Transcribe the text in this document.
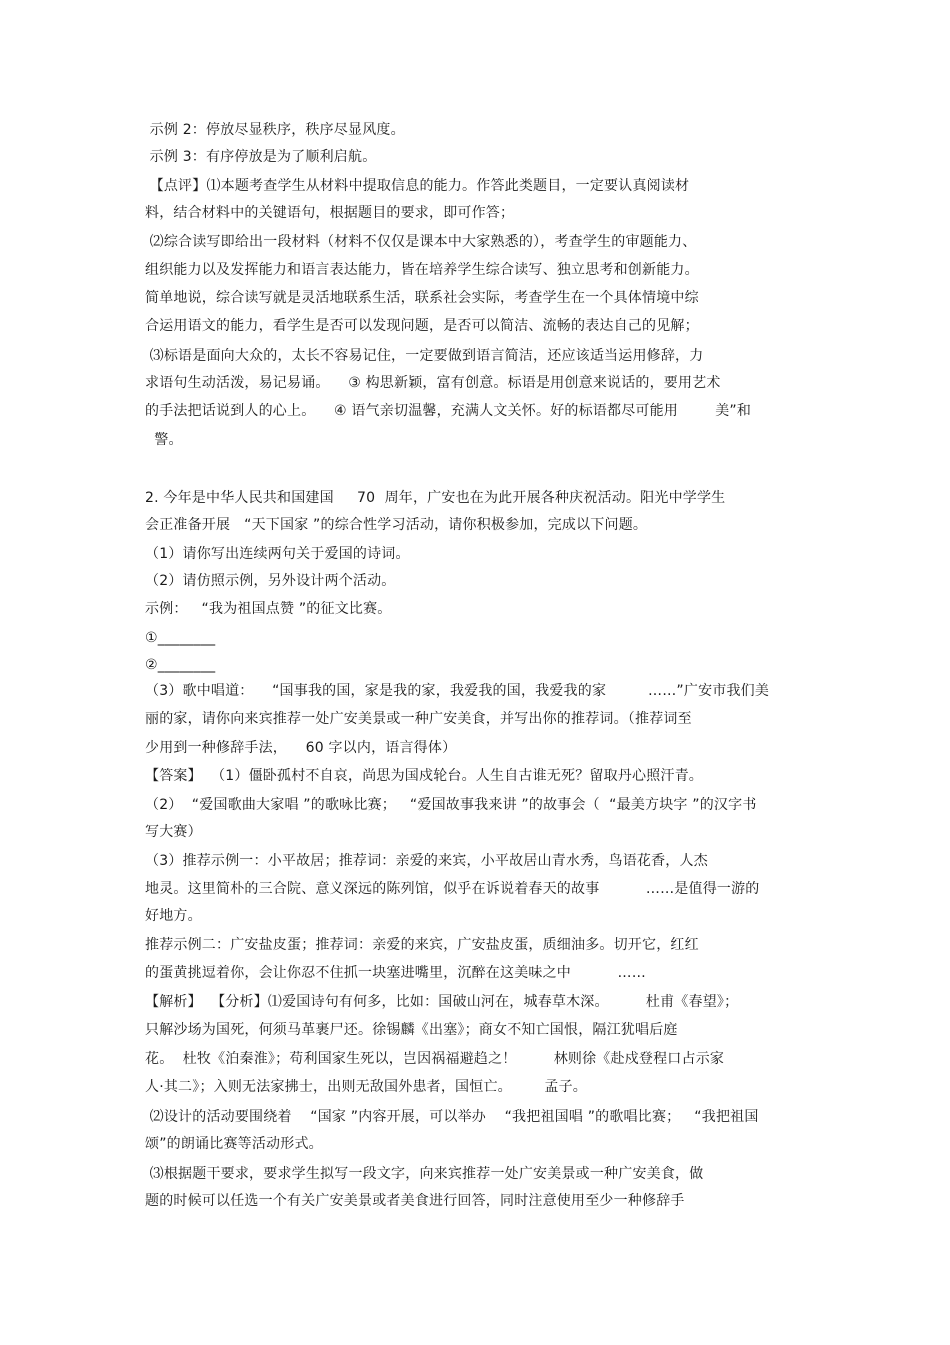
示例 2：停放尽显秩序，秩序尽显风度。
示例 3：有序停放是为了顺利启航。
【点评】⑴本题考查学生从材料中提取信息的能力。作答此类题目，一定要认真阅读材
料，结合材料中的关键语句，根据题目的要求，即可作答；
⑵综合读写即给出一段材料（材料不仅仅是课本中大家熟悉的），考查学生的审题能力、
组织能力以及发挥能力和语言表达能力，皆在培养学生综合读写、独立思考和创新能力。
简单地说，综合读写就是灵活地联系生活，联系社会实际，考查学生在一个具体情境中综
合运用语文的能力，看学生是否可以发现问题，是否可以简洁、流畅的表达自己的见解；
⑶标语是面向大众的，太长不容易记住，一定要做到语言简洁，还应该适当运用修辞，力
求语句生动活泼，易记易诵。    ③ 构思新颖，富有创意。标语是用创意来说话的，要用艺术
的手法把话说到人的心上。    ④ 语气亲切温馨，充满人文关怀。好的标语都尽可能用        美”和
警。
2. 今年是中华人民共和国建国     70  周年，广安也在为此开展各种庆祝活动。阳光中学学生
会正准备开展   “天下国家 ”的综合性学习活动，请你积极参加，完成以下问题。
（1）请你写出连续两句关于爱国的诗词。
（2）请仿照示例，另外设计两个活动。
示例：   “我为祖国点赞 ”的征文比赛。
①________
②________
（3）歌中唱道：    “国事我的国，家是我的家，我爱我的国，我爱我的家         ……”广安市我们美
丽的家，请你向来宾推荐一处广安美景或一种广安美食，并写出你的推荐词。（推荐词至
少用到一种修辞手法，    60 字以内，语言得体）
【答案】  （1）僵卧孤村不自哀，尚思为国戍轮台。人生自古谁无死？留取丹心照汗青。
（2）  “爱国歌曲大家唱 ”的歌咏比赛；   “爱国故事我来讲 ”的故事会（  “最美方块字 ”的汉字书
写大赛）
（3）推荐示例一：小平故居；推荐词：亲爱的来宾，小平故居山青水秀，鸟语花香，人杰
地灵。这里简朴的三合院、意义深远的陈列馆，似乎在诉说着春天的故事          ……是值得一游的
好地方。
推荐示例二：广安盐皮蛋；推荐词：亲爱的来宾，广安盐皮蛋，质细油多。切开它，红红
的蛋黄挑逗着你，会让你忍不住抓一块塞进嘴里，沉醉在这美味之中          ……
【解析】  【分析】⑴爱国诗句有何多，比如：国破山河在，城春草木深。        杜甫《春望》；
只解沙场为国死，何须马革裹尸还。徐锡麟《出塞》；商女不知亡国恨，隔江犹唱后庭
花。  杜牧《泊秦淮》；苟利国家生死以，岂因祸福避趋之！        林则徐《赴戍登程口占示家
人·其二》；入则无法家拂士，出则无敌国外患者，国恒亡。       孟子。
⑵设计的活动要围绕着    “国家 ”内容开展，可以举办    “我把祖国唱 ”的歌唱比赛；   “我把祖国
颂”的朗诵比赛等活动形式。
⑶根据题干要求，要求学生拟写一段文字，向来宾推荐一处广安美景或一种广安美食，做
题的时候可以任选一个有关广安美景或者美食进行回答，同时注意使用至少一种修辞手
